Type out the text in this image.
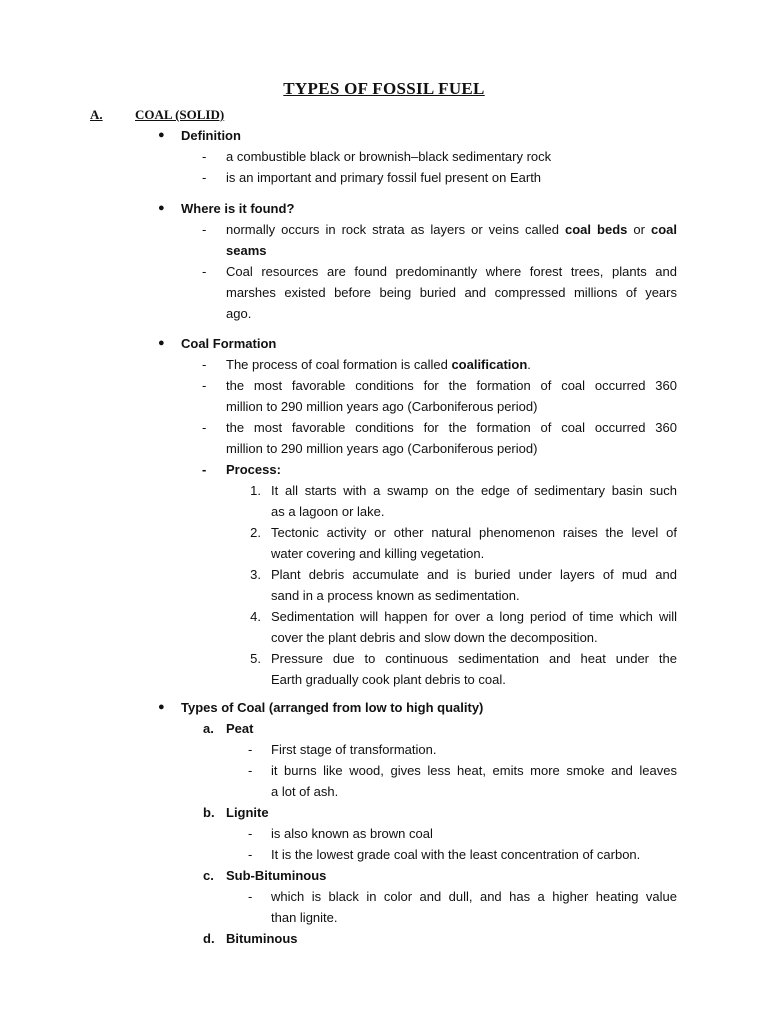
TYPES OF FOSSIL FUEL
A. COAL (SOLID)
● Definition
- a combustible black or brownish–black sedimentary rock
- is an important and primary fossil fuel present on Earth
● Where is it found?
- normally occurs in rock strata as layers or veins called coal beds or coal
seams
- Coal resources are found predominantly where forest trees, plants and
marshes existed before being buried and compressed millions of years
ago.
● Coal Formation
- The process of coal formation is called coalification.
- the most favorable conditions for the formation of coal occurred 360
million to 290 million years ago (Carboniferous period)
- the most favorable conditions for the formation of coal occurred 360
million to 290 million years ago (Carboniferous period)
- Process:
1. It all starts with a swamp on the edge of sedimentary basin such
as a lagoon or lake.
2. Tectonic activity or other natural phenomenon raises the level of
water covering and killing vegetation.
3. Plant debris accumulate and is buried under layers of mud and
sand in a process known as sedimentation.
4. Sedimentation will happen for over a long period of time which will
cover the plant debris and slow down the decomposition.
5. Pressure due to continuous sedimentation and heat under the
Earth gradually cook plant debris to coal.
● Types of Coal (arranged from low to high quality)
a. Peat
- First stage of transformation.
- it burns like wood, gives less heat, emits more smoke and leaves
a lot of ash.
b. Lignite
- is also known as brown coal
- It is the lowest grade coal with the least concentration of carbon.
c. Sub-Bituminous
- which is black in color and dull, and has a higher heating value
than lignite.
d. Bituminous
